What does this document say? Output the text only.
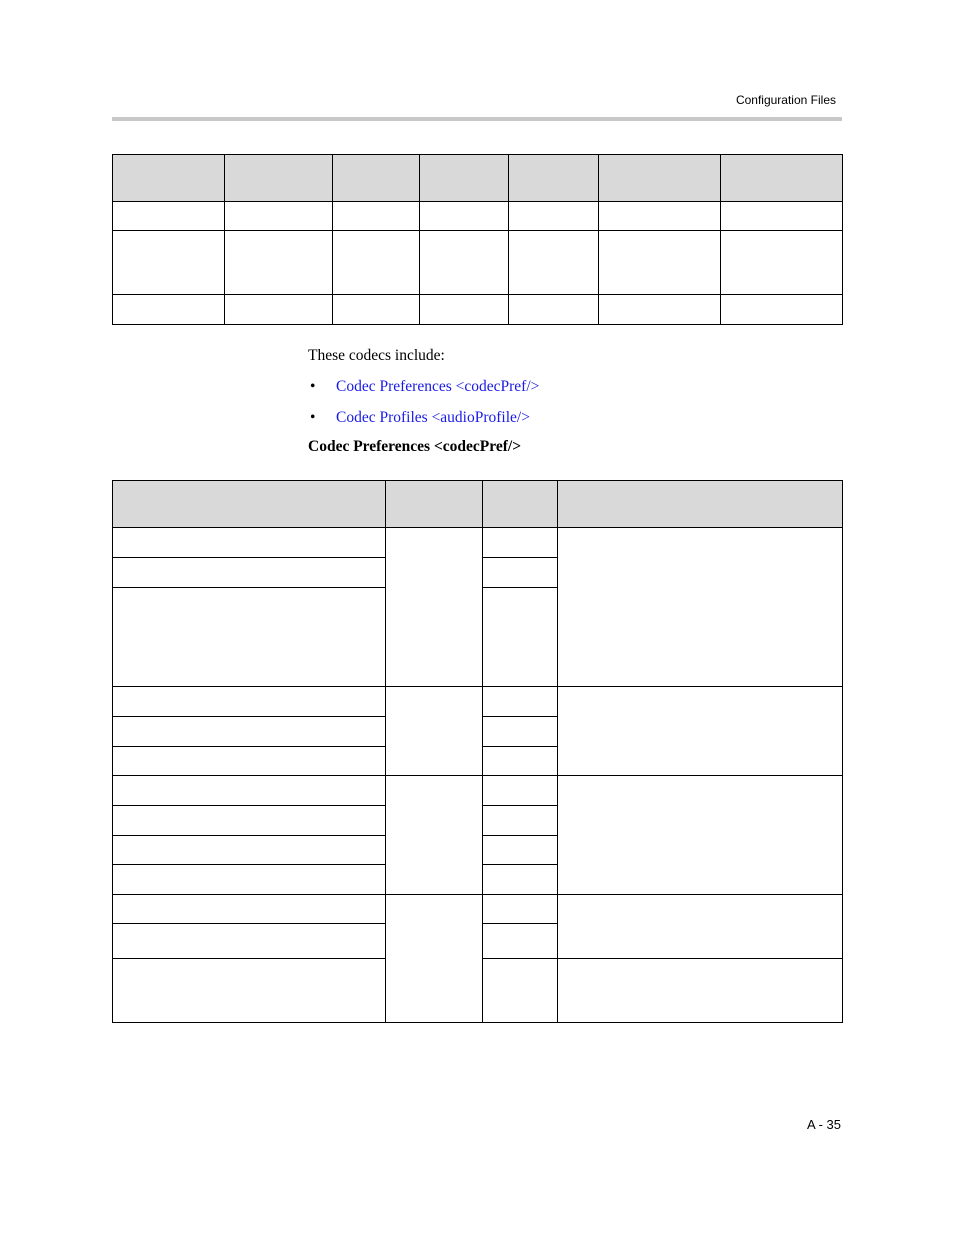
Configuration Files

These codecs include:
• Codec Preferences <codecPref/>
• Codec Profiles <audioProfile/>
Codec Preferences <codecPref/>

A - 35
